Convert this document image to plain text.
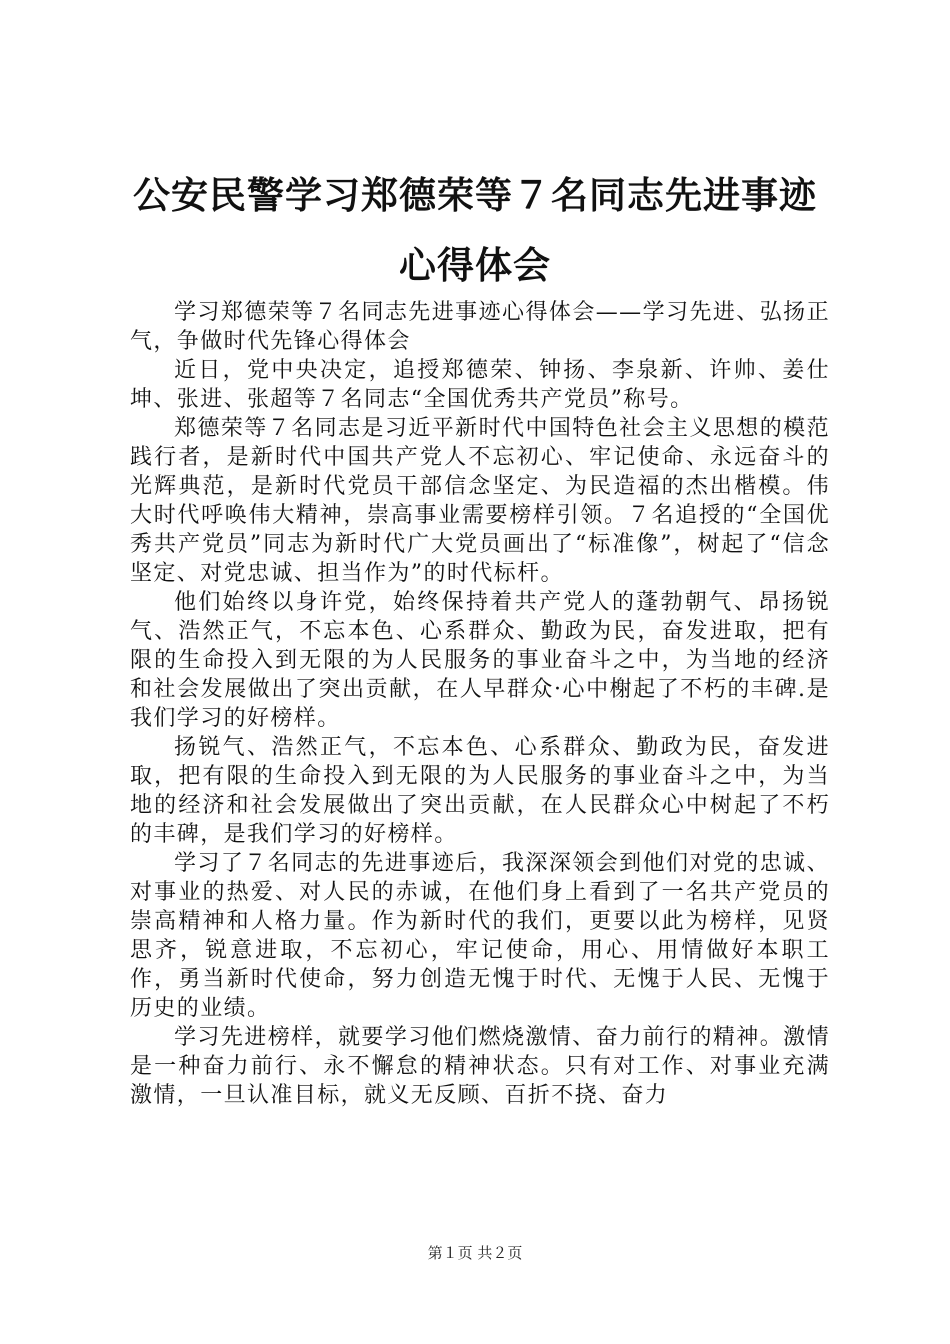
公安民警学习郑德荣等７名同志先进事迹心得体会

学习郑德荣等７名同志先进事迹心得体会——学习先进、弘扬正气，争做时代先锋心得体会

近日，党中央决定，追授郑德荣、钟扬、李泉新、许帅、姜仕坤、张进、张超等７名同志“全国优秀共产党员”称号。

郑德荣等７名同志是习近平新时代中国特色社会主义思想的模范践行者，是新时代中国共产党人不忘初心、牢记使命、永远奋斗的光辉典范，是新时代党员干部信念坚定、为民造福的杰出楷模。伟大时代呼唤伟大精神，崇高事业需要榜样引领。７名追授的“全国优秀共产党员”同志为新时代广大党员画出了“标准像”，树起了“信念坚定、对党忠诚、担当作为”的时代标杆。

他们始终以身许党，始终保持着共产党人的蓬勃朝气、昂扬锐气、浩然正气，不忘本色、心系群众、勤政为民，奋发进取，把有限的生命投入到无限的为人民服务的事业奋斗之中，为当地的经济和社会发展做出了突出贡献，在人早群众·心中榭起了不朽的丰碑.是我们学习的好榜样。

扬锐气、浩然正气，不忘本色、心系群众、勤政为民，奋发进取，把有限的生命投入到无限的为人民服务的事业奋斗之中，为当地的经济和社会发展做出了突出贡献，在人民群众心中树起了不朽的丰碑，是我们学习的好榜样。

学习了７名同志的先进事迹后，我深深领会到他们对党的忠诚、对事业的热爱、对人民的赤诚，在他们身上看到了一名共产党员的崇高精神和人格力量。作为新时代的我们，更要以此为榜样，见贤思齐，锐意进取，不忘初心，牢记使命，用心、用情做好本职工作，勇当新时代使命，努力创造无愧于时代、无愧于人民、无愧于历史的业绩。

学习先进榜样，就要学习他们燃烧激情、奋力前行的精神。激情是一种奋力前行、永不懈怠的精神状态。只有对工作、对事业充满激情，一旦认准目标，就义无反顾、百折不挠、奋力

第１页 共２页
